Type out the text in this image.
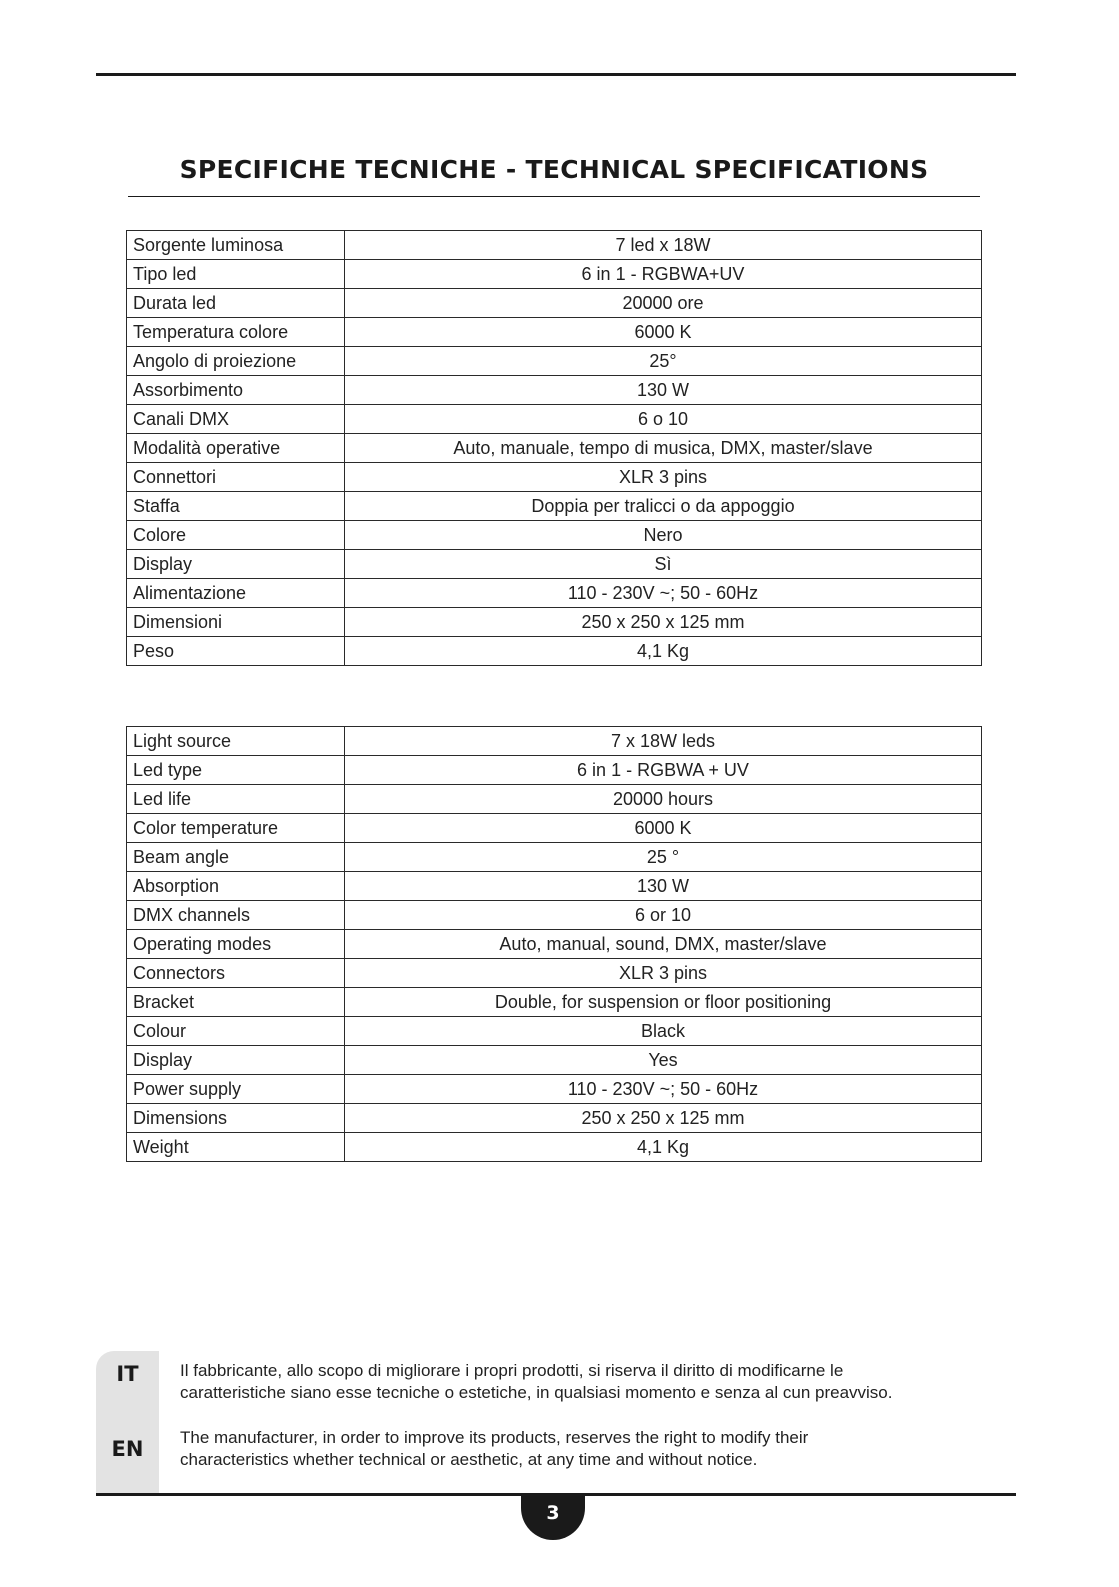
SPECIFICHE TECNICHE - TECHNICAL SPECIFICATIONS
Sorgente luminosa	7 led x 18W
Tipo led	6 in 1 - RGBWA+UV
Durata led	20000 ore
Temperatura colore	6000 K
Angolo di proiezione	25°
Assorbimento	130 W
Canali DMX	6 o 10
Modalità operative	Auto, manuale, tempo di musica, DMX, master/slave
Connettori	XLR 3 pins
Staffa	Doppia per tralicci o da appoggio
Colore	Nero
Display	Sì
Alimentazione	110 - 230V ~; 50 - 60Hz
Dimensioni	250 x 250 x 125 mm
Peso	4,1 Kg
Light source	7 x 18W leds
Led type	6 in 1 - RGBWA + UV
Led life	20000 hours
Color temperature	6000 K
Beam angle	25 °
Absorption	130 W
DMX channels	6 or 10
Operating modes	Auto, manual, sound, DMX, master/slave
Connectors	XLR 3 pins
Bracket	Double, for suspension or floor positioning
Colour	Black
Display	Yes
Power supply	110 - 230V ~; 50 - 60Hz
Dimensions	250 x 250 x 125 mm
Weight	4,1 Kg
IT
EN

Il fabbricante, allo scopo di migliorare i propri prodotti, si riserva il diritto di modificarne le

caratteristiche siano esse tecniche o estetiche, in qualsiasi momento e senza al cun preavviso.

The manufacturer, in order to improve its products, reserves the right to modify their

characteristics whether technical or aesthetic, at any time and without notice.

3
